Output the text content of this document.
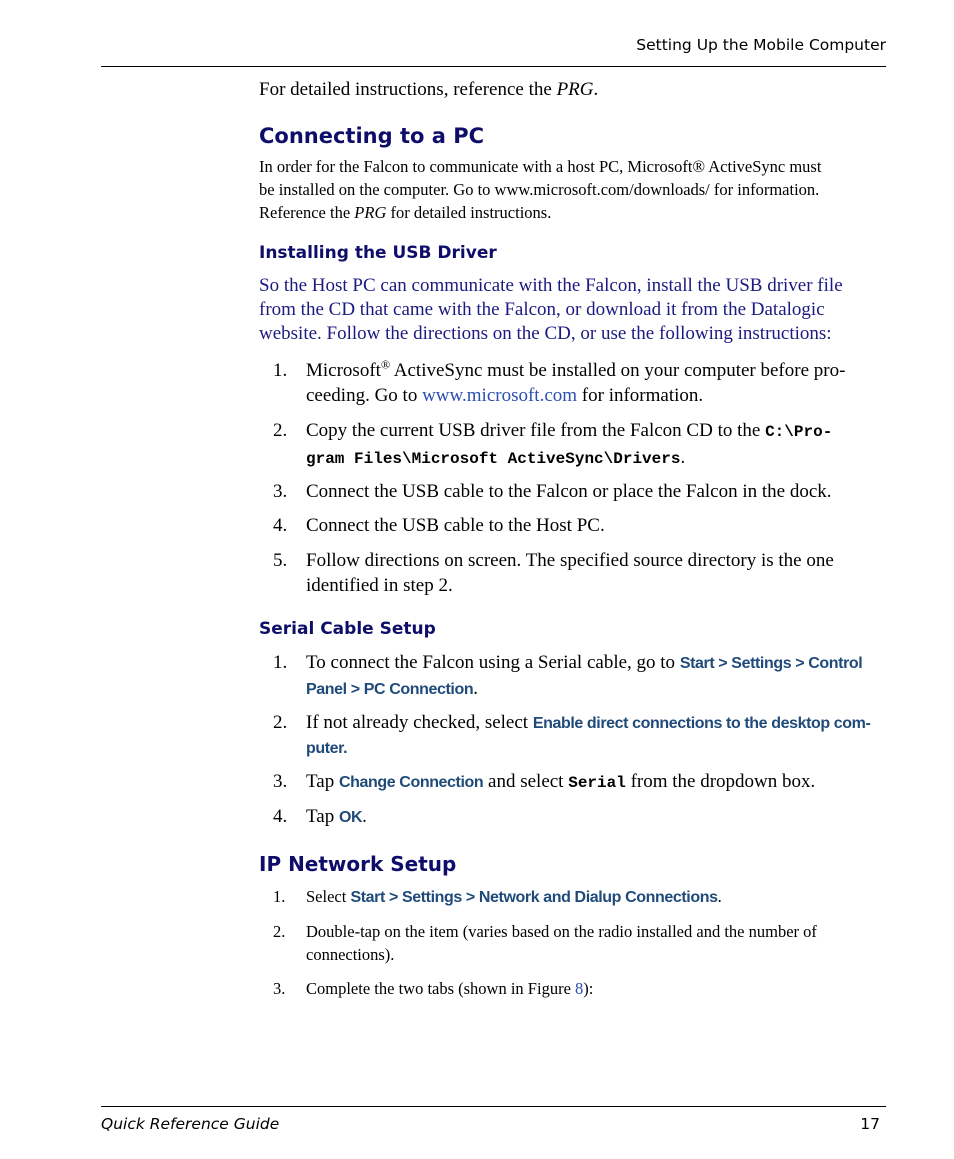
Setting Up the Mobile Computer

For detailed instructions, reference the PRG.

Connecting to a PC
In order for the Falcon to communicate with a host PC, Microsoft® ActiveSync must
be installed on the computer. Go to www.microsoft.com/downloads/ for information.
Reference the PRG for detailed instructions.
Installing the USB Driver
So the Host PC can communicate with the Falcon, install the USB driver file
from the CD that came with the Falcon, or download it from the Datalogic
website. Follow the directions on the CD, or use the following instructions:
1. Microsoft® ActiveSync must be installed on your computer before pro-
ceeding. Go to www.microsoft.com for information.
2. Copy the current USB driver file from the Falcon CD to the C:\Pro-
gram Files\Microsoft ActiveSync\Drivers.
3. Connect the USB cable to the Falcon or place the Falcon in the dock.
4. Connect the USB cable to the Host PC.
5. Follow directions on screen. The specified source directory is the one
identified in step 2.
Serial Cable Setup
1. To connect the Falcon using a Serial cable, go to Start > Settings > Control
Panel > PC Connection.
2. If not already checked, select Enable direct connections to the desktop com-
puter.
3. Tap Change Connection and select Serial from the dropdown box.
4. Tap OK.
IP Network Setup
1. Select Start > Settings > Network and Dialup Connections.
2. Double-tap on the item (varies based on the radio installed and the number of
connections).
3. Complete the two tabs (shown in Figure 8):
Quick Reference Guide	17
